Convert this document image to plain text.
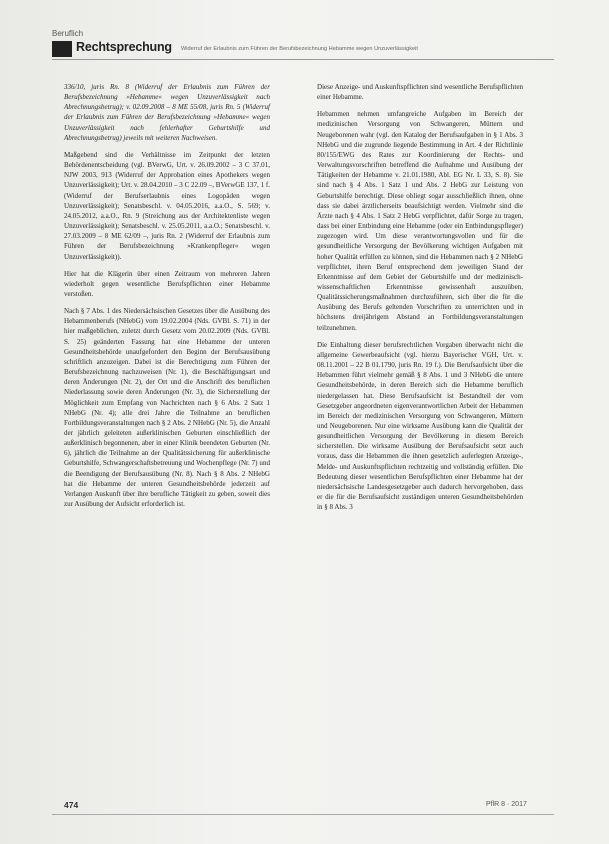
Beruflich
Rechtsprechung Widerruf der Erlaubnis zum Führen der Berufsbezeichnung Hebamme wegen Unzuverlässigkeit

336/10, juris Rn. 8 (Widerruf der Erlaubnis zum Führen der Berufsbezeichnung »Hebamme« wegen Unzuverlässigkeit nach Abrechnungsbetrug); v. 02.09.2008 – 8 ME 55/08, juris Rn. 5 (Widerruf der Erlaubnis zum Führen der Berufsbezeichnung »Hebamme« wegen Unzuverlässigkeit nach fehlerhafter Geburtshilfe und Abrechnungsbetrug) jeweils mit weiteren Nachweisen.

Maßgebend sind die Verhältnisse im Zeitpunkt der letzten Behördenentscheidung (vgl. BVerwG, Urt. v. 26.09.2002 – 3 C 37.01, NJW 2003, 913 (Widerruf der Approbation eines Apothekers wegen Unzuverlässigkeit); Urt. v. 28.04.2010 – 3 C 22.09 –, BVerwGE 137, 1 f. (Widerruf der Berufserlaubnis eines Logopäden wegen Unzuverlässigkeit); Senatsbeschl. v. 04.05.2016, a.a.O., S. 569; v. 24.05.2012, a.a.O., Rn. 9 (Streichung aus der Architektenliste wegen Unzuverlässigkeit); Senatsbeschl. v. 25.05.2011, a.a.O.; Senatsbeschl. v. 27.03.2009 – 8 ME 62/09 –, juris Rn. 2 (Widerruf der Erlaubnis zum Führen der Berufsbezeichnung »Krankenpfleger« wegen Unzuverlässigkeit)).

Hier hat die Klägerin über einen Zeitraum von mehreren Jahren wiederholt gegen wesentliche Berufspflichten einer Hebamme verstoßen.

Nach § 7 Abs. 1 des Niedersächsischen Gesetzes über die Ausübung des Hebammenberufs (NHebG) vom 19.02.2004 (Nds. GVBl. S. 71) in der hier maßgeblichen, zuletzt durch Gesetz vom 20.02.2009 (Nds. GVBl. S. 25) geänderten Fassung hat eine Hebamme der unteren Gesundheitsbehörde unaufgefordert den Beginn der Berufsausübung schriftlich anzuzeigen. Dabei ist die Berechtigung zum Führen der Berufsbezeichnung nachzuweisen (Nr. 1), die Beschäftigungsart und deren Änderungen (Nr. 2), der Ort und die Anschrift des beruflichen Niederlassung sowie deren Änderungen (Nr. 3), die Sicherstellung der Möglichkeit zum Empfang von Nachrichten nach § 6 Abs. 2 Satz 1 NHebG (Nr. 4); alle drei Jahre die Teilnahme an beruflichen Fortbildungsveranstaltungen nach § 2 Abs. 2 NHebG (Nr. 5), die Anzahl der jährlich geleiteten außerklinischen Geburten einschließlich der außerklinisch begonnenen, aber in einer Klinik beendeten Geburten (Nr. 6), jährlich die Teilnahme an der Qualitätssicherung für außerklinische Geburtshilfe, Schwangerschaftsbetreuung und Wochenpflege (Nr. 7) und die Beendigung der Berufsausübung (Nr. 8). Nach § 8 Abs. 2 NHebG hat die Hebamme der unteren Gesundheitsbehörde jederzeit auf Verlangen Auskunft über ihre berufliche Tätigkeit zu geben, soweit dies zur Ausübung der Aufsicht erforderlich ist.

Diese Anzeige- und Auskunftspflichten sind wesentliche Berufspflichten einer Hebamme.

Hebammen nehmen umfangreiche Aufgaben im Bereich der medizinischen Versorgung von Schwangeren, Müttern und Neugeborenen wahr (vgl. den Katalog der Berufsaufgaben in § 1 Abs. 3 NHebG und die zugrunde liegende Bestimmung in Art. 4 der Richtlinie 80/155/EWG des Rates zur Koordinierung der Rechts- und Verwaltungsvorschriften betreffend die Aufnahme und Ausübung der Tätigkeiten der Hebamme v. 21.01.1980, Abl. EG Nr. L 33, S. 8). Sie sind nach § 4 Abs. 1 Satz 1 und Abs. 2 HebG zur Leistung von Geburtshilfe berechtigt. Diese obliegt sogar ausschließlich ihnen, ohne dass sie dabei ärztlicherseits beaufsichtigt werden. Vielmehr sind die Ärzte nach § 4 Abs. 1 Satz 2 HebG verpflichtet, dafür Sorge zu tragen, dass bei einer Entbindung eine Hebamme (oder ein Entbindungspfleger) zugezogen wird. Um diese verantwortungsvollen und für die gesundheitliche Versorgung der Bevölkerung wichtigen Aufgaben mit hoher Qualität erfüllen zu können, sind die Hebammen nach § 2 NHebG verpflichtet, ihren Beruf entsprechend dem jeweiligen Stand der Erkenntnisse auf dem Gebiet der Geburtshilfe und der medizinisch-wissenschaftlichen Erkenntnisse gewissenhaft auszuüben, Qualitätssicherungsmaßnahmen durchzuführen, sich über die für die Ausübung des Berufs geltenden Vorschriften zu unterrichten und in höchstens dreijährigem Abstand an Fortbildungsveranstaltungen teilzunehmen.

Die Einhaltung dieser berufsrechtlichen Vorgaben überwacht nicht die allgemeine Gewerbeaufsicht (vgl. hierzu Bayerischer VGH, Urt. v. 08.11.2001 – 22 B 01.1790, juris Rn. 19 f.). Die Berufsaufsicht über die Hebammen führt vielmehr gemäß § 8 Abs. 1 und 3 NHebG die untere Gesundheitsbehörde, in deren Bereich sich die Hebamme beruflich niedergelassen hat. Diese Berufsaufsicht ist Bestandteil der vom Gesetzgeber angeordneten eigenverantwortlichen Arbeit der Hebammen im Bereich der medizinischen Versorgung von Schwangeren, Müttern und Neugeborenen. Nur eine wirksame Ausübung kann die Qualität der gesundheitlichen Versorgung der Bevölkerung in diesem Bereich sicherstellen. Die wirksame Ausübung der Berufsaufsicht setzt auch voraus, dass die Hebammen die ihnen gesetzlich auferlegten Anzeige-, Melde- und Auskunftspflichten rechtzeitig und vollständig erfüllen. Die Bedeutung dieser wesentlichen Berufspflichten einer Hebamme hat der niedersächsische Landesgesetzgeber auch dadurch hervorgehoben, dass er die für die Berufsaufsicht zuständigen unteren Gesundheitsbehörden in § 8 Abs. 3

474	PflR 8 · 2017
